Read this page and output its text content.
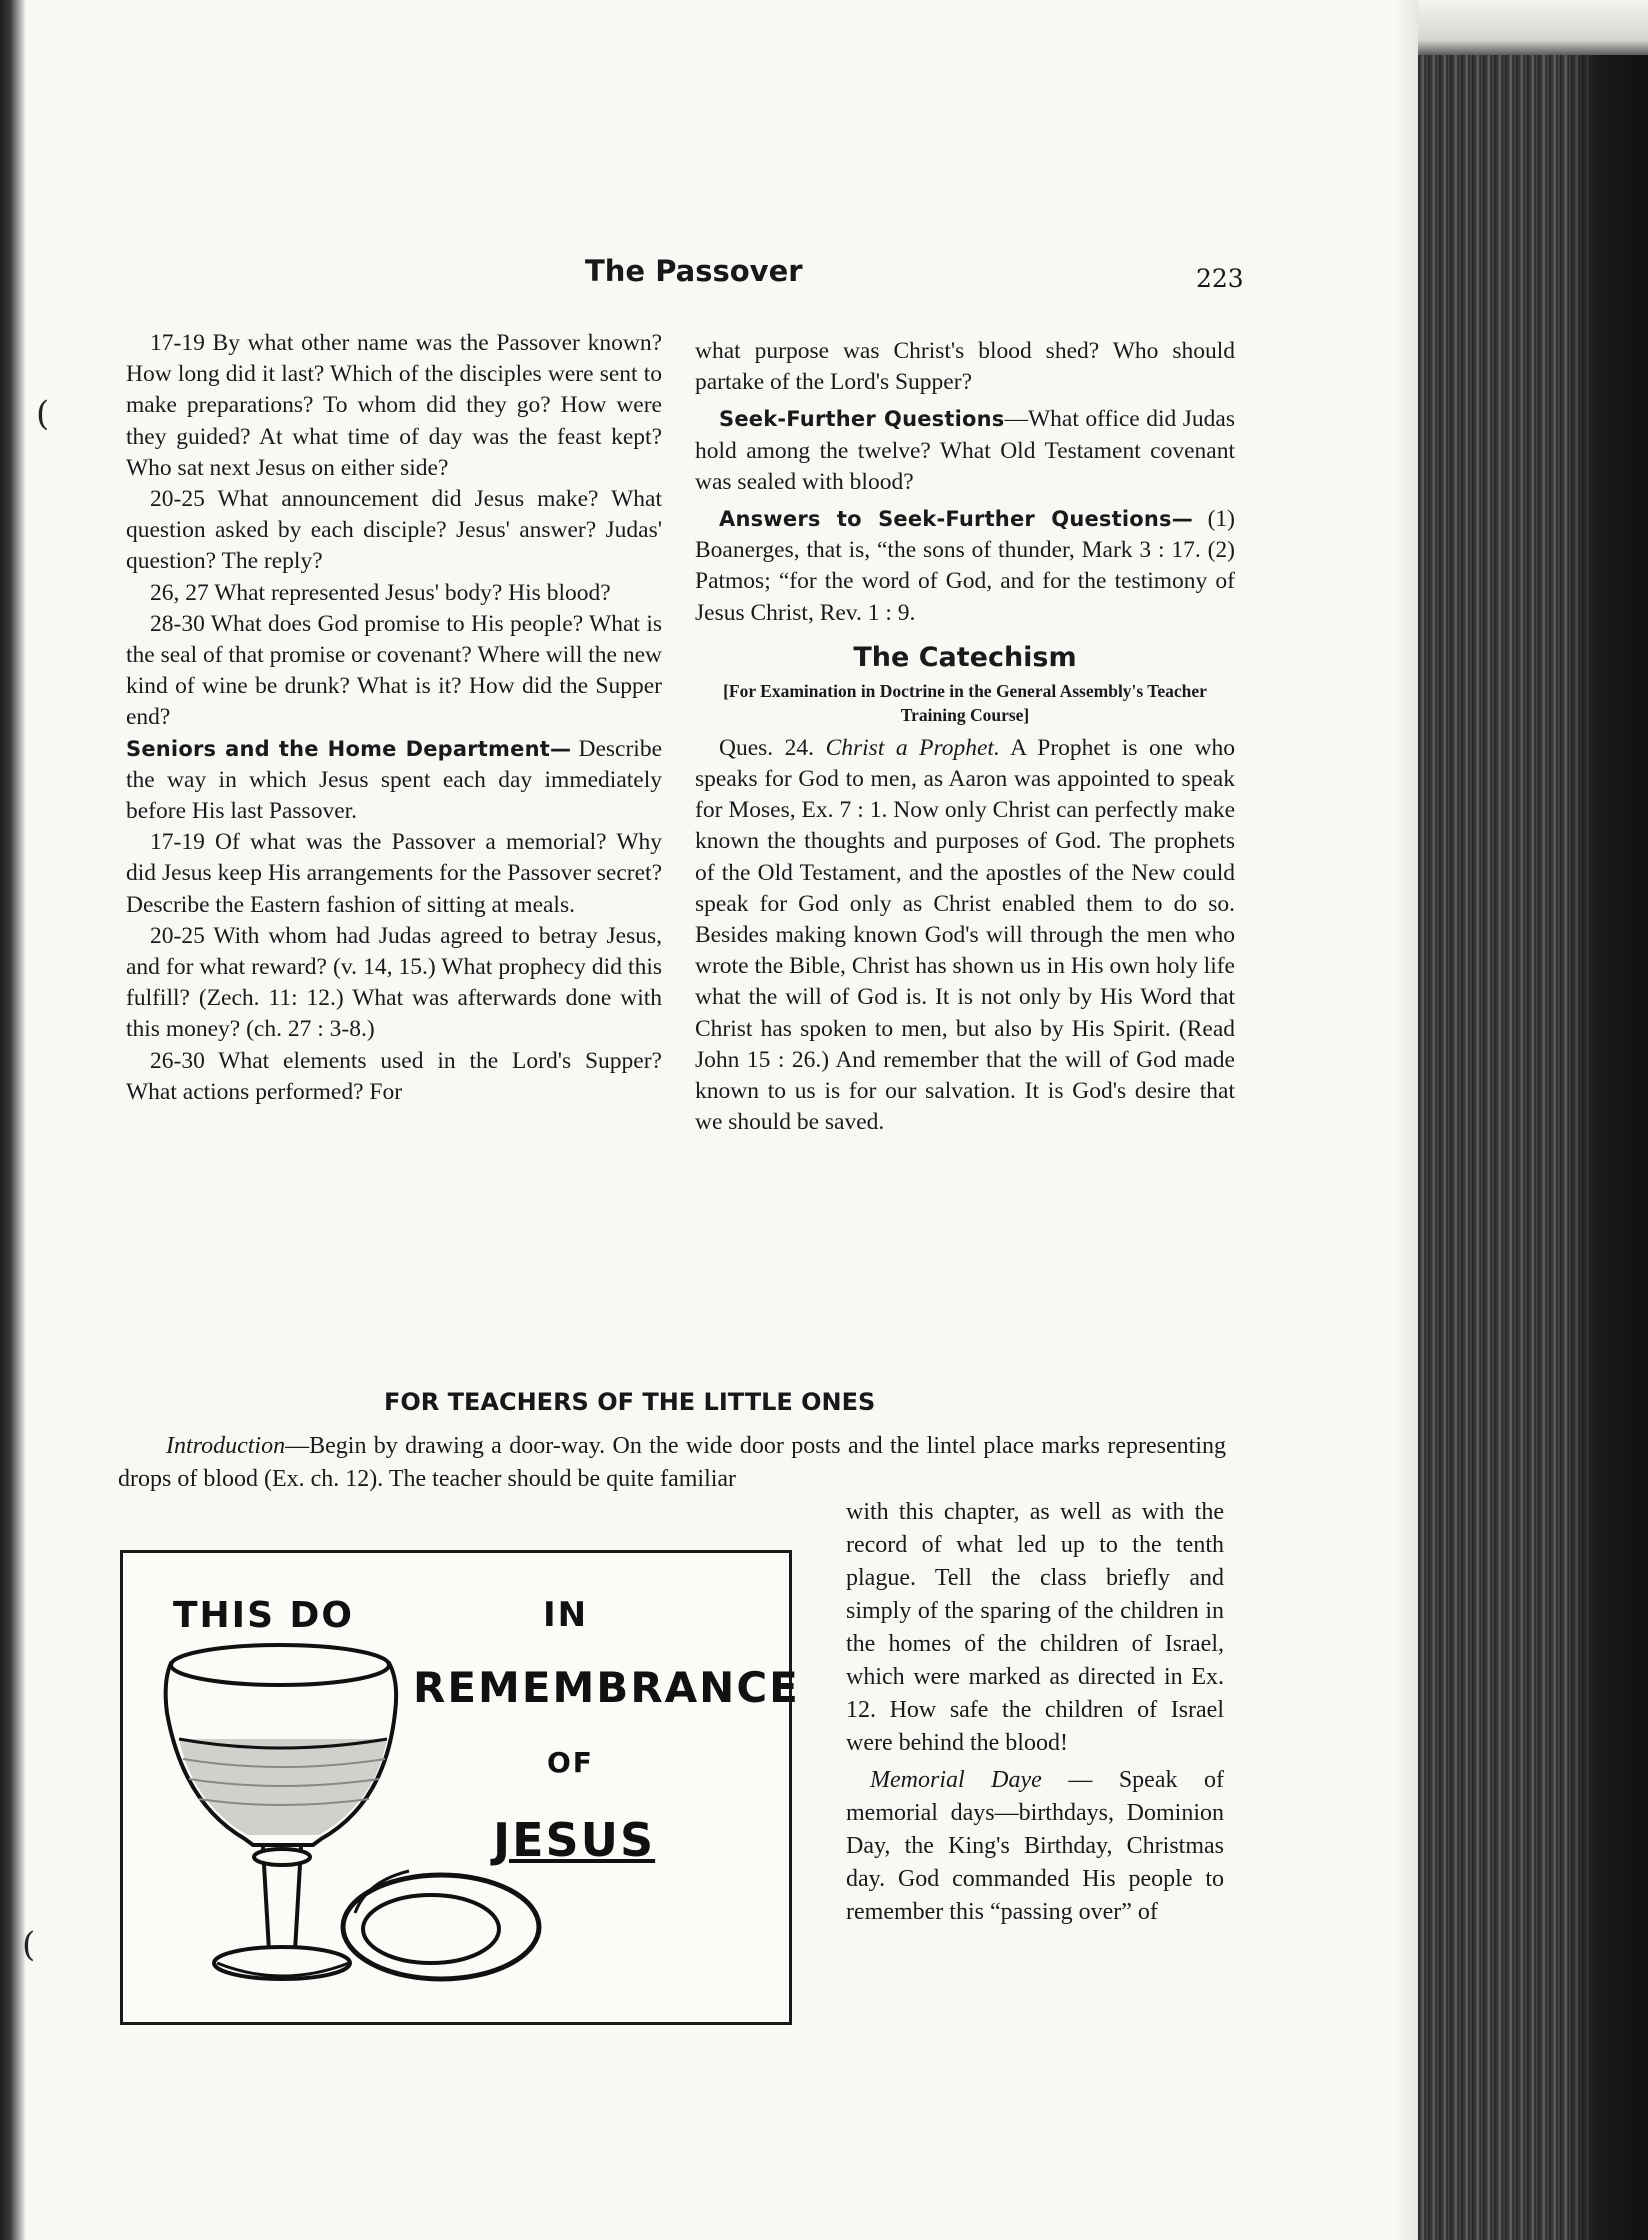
(
(
The Passover	223

17-19 By what other name was the Passover known? How long did it last? Which of the disciples were sent to make preparations? To whom did they go? How were they guided? At what time of day was the feast kept? Who sat next Jesus on either side?

20-25 What announcement did Jesus make? What question asked by each disciple? Jesus' answer? Judas' question? The reply?

26, 27 What represented Jesus' body? His blood?

28-30 What does God promise to His people? What is the seal of that promise or covenant? Where will the new kind of wine be drunk? What is it? How did the Supper end?

Seniors and the Home Department— Describe the way in which Jesus spent each day immediately before His last Passover.

17-19 Of what was the Passover a memorial? Why did Jesus keep His arrangements for the Passover secret? Describe the Eastern fashion of sitting at meals.

20-25 With whom had Judas agreed to betray Jesus, and for what reward? (v. 14, 15.) What prophecy did this fulfill? (Zech. 11: 12.) What was afterwards done with this money? (ch. 27 : 3-8.)

26-30 What elements used in the Lord's Supper? What actions performed? For

what purpose was Christ's blood shed? Who should partake of the Lord's Supper?

Seek-Further Questions—What office did Judas hold among the twelve? What Old Testament covenant was sealed with blood?

Answers to Seek-Further Questions— (1) Boanerges, that is, “the sons of thunder, Mark 3 : 17. (2) Patmos; “for the word of God, and for the testimony of Jesus Christ, Rev. 1 : 9.

The Catechism
[For Examination in Doctrine in the General Assembly's Teacher Training Course]

Ques. 24. Christ a Prophet. A Prophet is one who speaks for God to men, as Aaron was appointed to speak for Moses, Ex. 7 : 1. Now only Christ can perfectly make known the thoughts and purposes of God. The prophets of the Old Testament, and the apostles of the New could speak for God only as Christ enabled them to do so. Besides making known God's will through the men who wrote the Bible, Christ has shown us in His own holy life what the will of God is. It is not only by His Word that Christ has spoken to men, but also by His Spirit. (Read John 15 : 26.) And remember that the will of God made known to us is for our salvation. It is God's desire that we should be saved.

FOR TEACHERS OF THE LITTLE ONES

Introduction—Begin by drawing a door-way. On the wide door posts and the lintel place marks representing drops of blood (Ex. ch. 12). The teacher should be quite familiar

with this chapter, as well as with the record of what led up to the tenth plague. Tell the class briefly and simply of the sparing of the children in the homes of the children of Israel, which were marked as directed in Ex. 12. How safe the children of Israel were behind the blood!

Memorial Daye — Speak of memorial days—birthdays, Dominion Day, the King's Birthday, Christmas day. God commanded His people to remember this “passing over” of

THIS DO	IN
REMEMBRANCE
OF
JESUS
